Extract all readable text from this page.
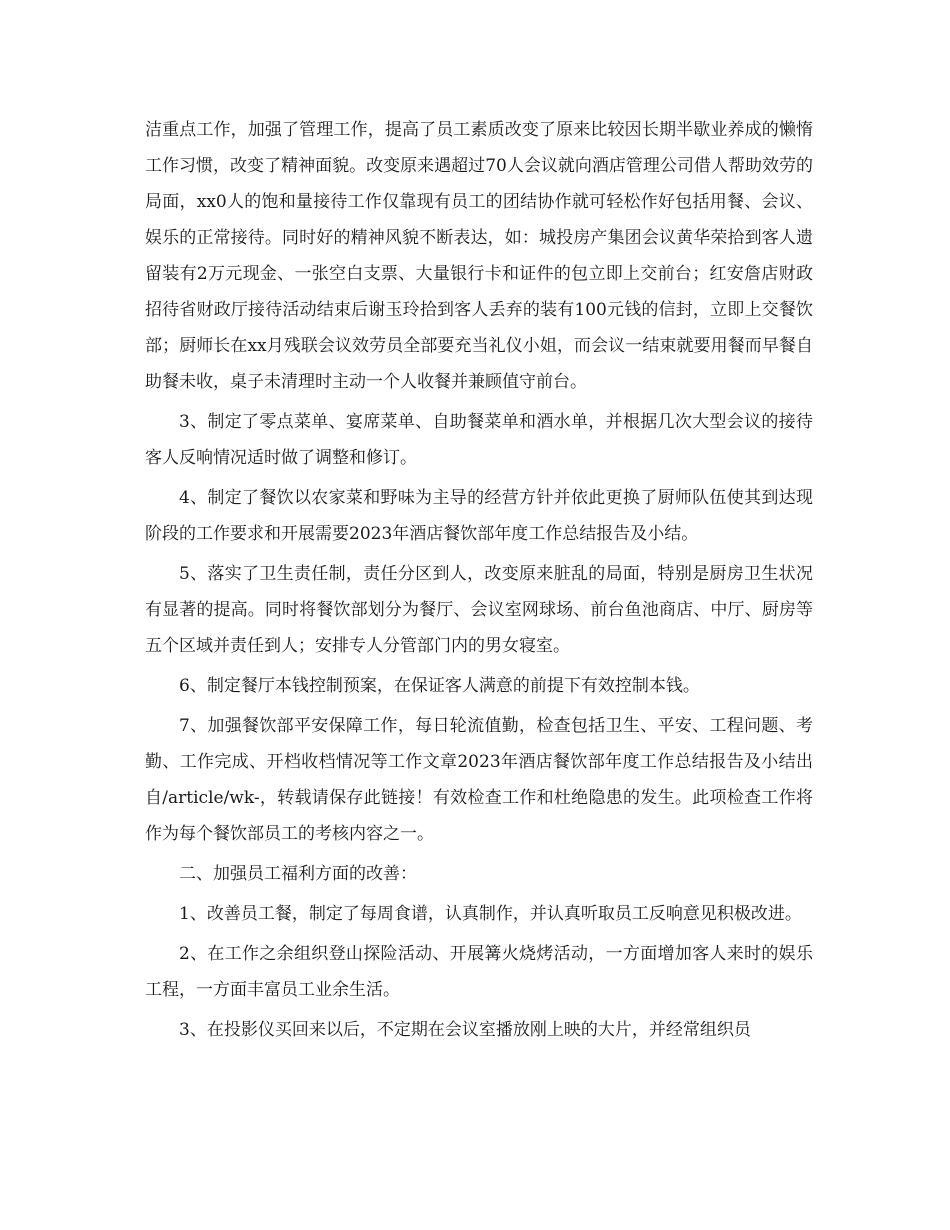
洁重点工作，加强了管理工作，提高了员工素质改变了原来比较因长期半歇业养成的懒惰工作习惯，改变了精神面貌。改变原来遇超过70人会议就向酒店管理公司借人帮助效劳的局面，xx0人的饱和量接待工作仅靠现有员工的团结协作就可轻松作好包括用餐、会议、娱乐的正常接待。同时好的精神风貌不断表达，如：城投房产集团会议黄华荣拾到客人遗留装有2万元现金、一张空白支票、大量银行卡和证件的包立即上交前台；红安詹店财政招待省财政厅接待活动结束后谢玉玲拾到客人丢弃的装有100元钱的信封，立即上交餐饮部；厨师长在xx月残联会议效劳员全部要充当礼仪小姐，而会议一结束就要用餐而早餐自助餐未收，桌子未清理时主动一个人收餐并兼顾值守前台。

3、制定了零点菜单、宴席菜单、自助餐菜单和酒水单，并根据几次大型会议的接待客人反响情况适时做了调整和修订。

4、制定了餐饮以农家菜和野味为主导的经营方针并依此更换了厨师队伍使其到达现阶段的工作要求和开展需要2023年酒店餐饮部年度工作总结报告及小结。

5、落实了卫生责任制，责任分区到人，改变原来脏乱的局面，特别是厨房卫生状况有显著的提高。同时将餐饮部划分为餐厅、会议室网球场、前台鱼池商店、中厅、厨房等五个区域并责任到人；安排专人分管部门内的男女寝室。

6、制定餐厅本钱控制预案，在保证客人满意的前提下有效控制本钱。

7、加强餐饮部平安保障工作，每日轮流值勤，检查包括卫生、平安、工程问题、考勤、工作完成、开档收档情况等工作文章2023年酒店餐饮部年度工作总结报告及小结出自/article/wk-，转载请保存此链接！有效检查工作和杜绝隐患的发生。此项检查工作将作为每个餐饮部员工的考核内容之一。

二、加强员工福利方面的改善：

1、改善员工餐，制定了每周食谱，认真制作，并认真听取员工反响意见积极改进。

2、在工作之余组织登山探险活动、开展篝火烧烤活动，一方面增加客人来时的娱乐工程，一方面丰富员工业余生活。

3、在投影仪买回来以后，不定期在会议室播放刚上映的大片，并经常组织员
